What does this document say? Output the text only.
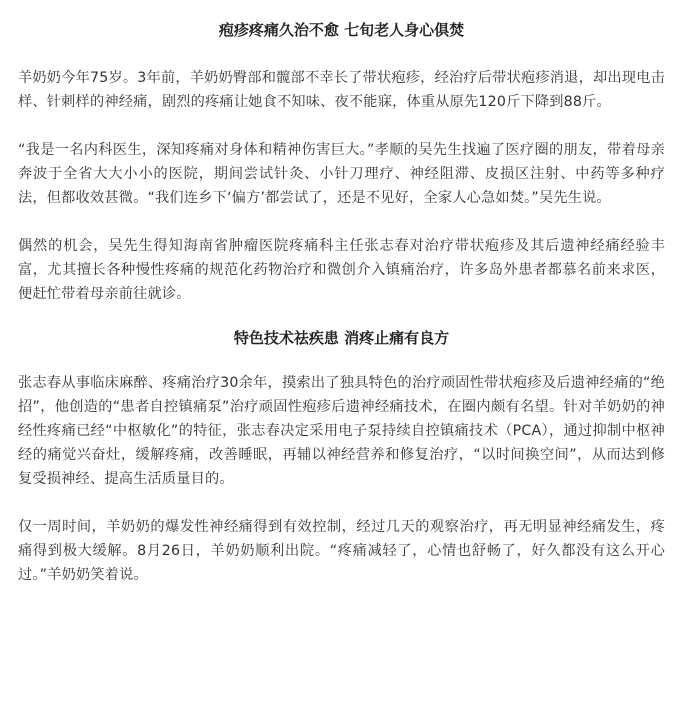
疱疹疼痛久治不愈 七旬老人身心俱焚

羊奶奶今年75岁。3年前，羊奶奶臀部和髋部不幸长了带状疱疹，经治疗后带状疱疹消退，却出现电击样、针刺样的神经痛，剧烈的疼痛让她食不知味、夜不能寐，体重从原先120斤下降到88斤。

“我是一名内科医生，深知疼痛对身体和精神伤害巨大。”孝顺的吴先生找遍了医疗圈的朋友，带着母亲奔波于全省大大小小的医院，期间尝试针灸、小针刀理疗、神经阻滞、皮损区注射、中药等多种疗法，但都收效甚微。“我们连乡下‘偏方’都尝试了，还是不见好，全家人心急如焚。”吴先生说。

偶然的机会，吴先生得知海南省肿瘤医院疼痛科主任张志春对治疗带状疱疹及其后遗神经痛经验丰富，尤其擅长各种慢性疼痛的规范化药物治疗和微创介入镇痛治疗，许多岛外患者都慕名前来求医，便赶忙带着母亲前往就诊。

特色技术祛疾患 消疼止痛有良方

张志春从事临床麻醉、疼痛治疗30余年，摸索出了独具特色的治疗顽固性带状疱疹及后遗神经痛的“绝招”，他创造的“患者自控镇痛泵”治疗顽固性疱疹后遗神经痛技术，在圈内颇有名望。针对羊奶奶的神经性疼痛已经“中枢敏化”的特征，张志春决定采用电子泵持续自控镇痛技术（PCA），通过抑制中枢神经的痛觉兴奋灶，缓解疼痛，改善睡眠，再辅以神经营养和修复治疗，“以时间换空间”，从而达到修复受损神经、提高生活质量目的。

仅一周时间，羊奶奶的爆发性神经痛得到有效控制，经过几天的观察治疗，再无明显神经痛发生，疼痛得到极大缓解。8月26日，羊奶奶顺利出院。“疼痛减轻了，心情也舒畅了，好久都没有这么开心过。”羊奶奶笑着说。
